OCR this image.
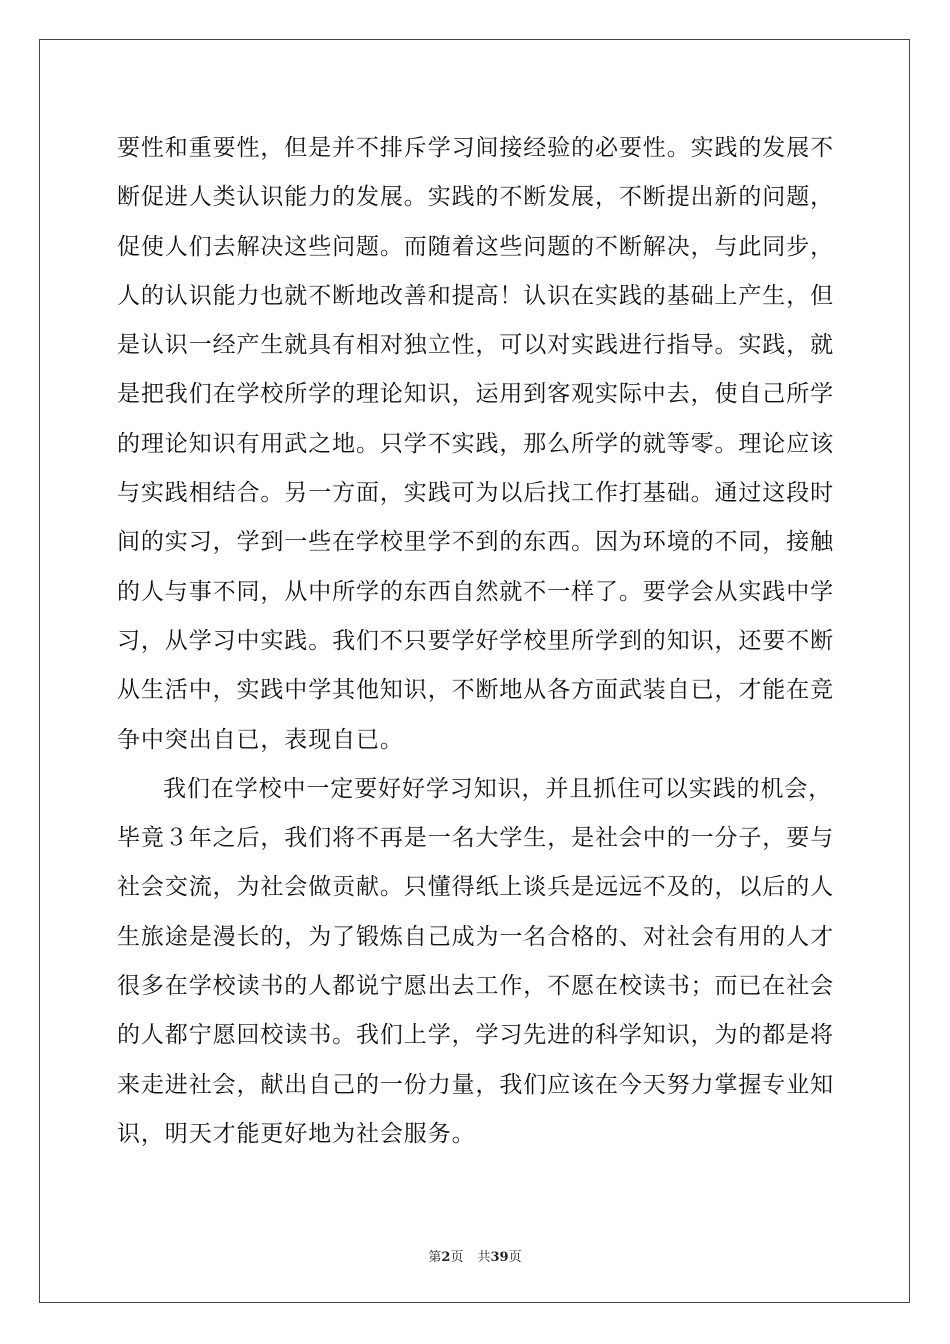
要性和重要性，但是并不排斥学习间接经验的必要性。实践的发展不
断促进人类认识能力的发展。实践的不断发展，不断提出新的问题，
促使人们去解决这些问题。而随着这些问题的不断解决，与此同步，
人的认识能力也就不断地改善和提高！认识在实践的基础上产生，但
是认识一经产生就具有相对独立性，可以对实践进行指导。实践，就
是把我们在学校所学的理论知识，运用到客观实际中去，使自己所学
的理论知识有用武之地。只学不实践，那么所学的就等零。理论应该
与实践相结合。另一方面，实践可为以后找工作打基础。通过这段时
间的实习，学到一些在学校里学不到的东西。因为环境的不同，接触
的人与事不同，从中所学的东西自然就不一样了。要学会从实践中学
习，从学习中实践。我们不只要学好学校里所学到的知识，还要不断
从生活中，实践中学其他知识，不断地从各方面武装自已，才能在竞
争中突出自已，表现自已。
我们在学校中一定要好好学习知识，并且抓住可以实践的机会，
毕竟３年之后，我们将不再是一名大学生，是社会中的一分子，要与
社会交流，为社会做贡献。只懂得纸上谈兵是远远不及的，以后的人
生旅途是漫长的，为了锻炼自己成为一名合格的、对社会有用的人才
很多在学校读书的人都说宁愿出去工作，不愿在校读书；而已在社会
的人都宁愿回校读书。我们上学，学习先进的科学知识，为的都是将
来走进社会，献出自己的一份力量，我们应该在今天努力掌握专业知
识，明天才能更好地为社会服务。
第2页 共39页
